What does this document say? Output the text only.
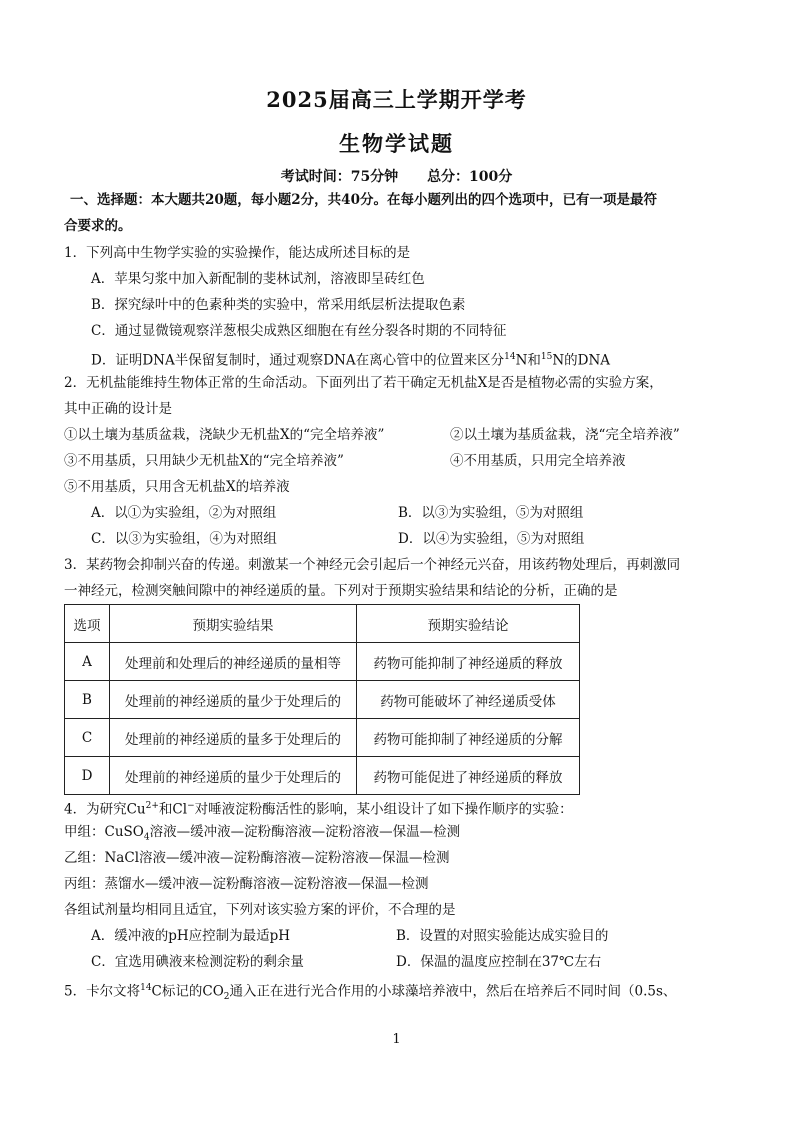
2025届高三上学期开学考
生物学试题
考试时间：75分钟 总分：100分
一、选择题：本大题共20题，每小题2分，共40分。在每小题列出的四个选项中，已有一项是最符
合要求的。
1．下列高中生物学实验的实验操作，能达成所述目标的是
A．苹果匀浆中加入新配制的斐林试剂，溶液即呈砖红色
B．探究绿叶中的色素种类的实验中，常采用纸层析法提取色素
C．通过显微镜观察洋葱根尖成熟区细胞在有丝分裂各时期的不同特征
D．证明DNA半保留复制时，通过观察DNA在离心管中的位置来区分$^{14}$N和$^{15}$N的DNA
2．无机盐能维持生物体正常的生命活动。下面列出了若干确定无机盐X是否是植物必需的实验方案，
其中正确的设计是
①以土壤为基质盆栽，浇缺少无机盐X的“完全培养液”	②以土壤为基质盆栽，浇“完全培养液”
③不用基质，只用缺少无机盐X的“完全培养液”	④不用基质，只用完全培养液
⑤不用基质，只用含无机盐X的培养液
A．以①为实验组，②为对照组	B．以③为实验组，⑤为对照组
C．以③为实验组，④为对照组	D．以④为实验组，⑤为对照组
3．某药物会抑制兴奋的传递。刺激某一个神经元会引起后一个神经元兴奋，用该药物处理后，再刺激同
一神经元，检测突触间隙中的神经递质的量。下列对于预期实验结果和结论的分析，正确的是
选项	预期实验结果	预期实验结论
A	处理前和处理后的神经递质的量相等	药物可能抑制了神经递质的释放
B	处理前的神经递质的量少于处理后的	药物可能破坏了神经递质受体
C	处理前的神经递质的量多于处理后的	药物可能抑制了神经递质的分解
D	处理前的神经递质的量少于处理后的	药物可能促进了神经递质的释放
4．为研究$Cu^{2+}$和Cl−对唾液淀粉酶活性的影响，某小组设计了如下操作顺序的实验：
甲组：CuSO$_4$溶液—缓冲液—淀粉酶溶液—淀粉溶液—保温—检测
乙组：NaCl溶液—缓冲液—淀粉酶溶液—淀粉溶液—保温—检测
丙组：蒸馏水—缓冲液—淀粉酶溶液—淀粉溶液—保温—检测
各组试剂量均相同且适宜，下列对该实验方案的评价，不合理的是
A．缓冲液的pH应控制为最适pH	B．设置的对照实验能达成实验目的
C．宜选用碘液来检测淀粉的剩余量	D．保温的温度应控制在37℃左右
5．卡尔文将$^{14}$C标记的$CO_2$通入正在进行光合作用的小球藻培养液中，然后在培养后不同时间（0.5s、
1
